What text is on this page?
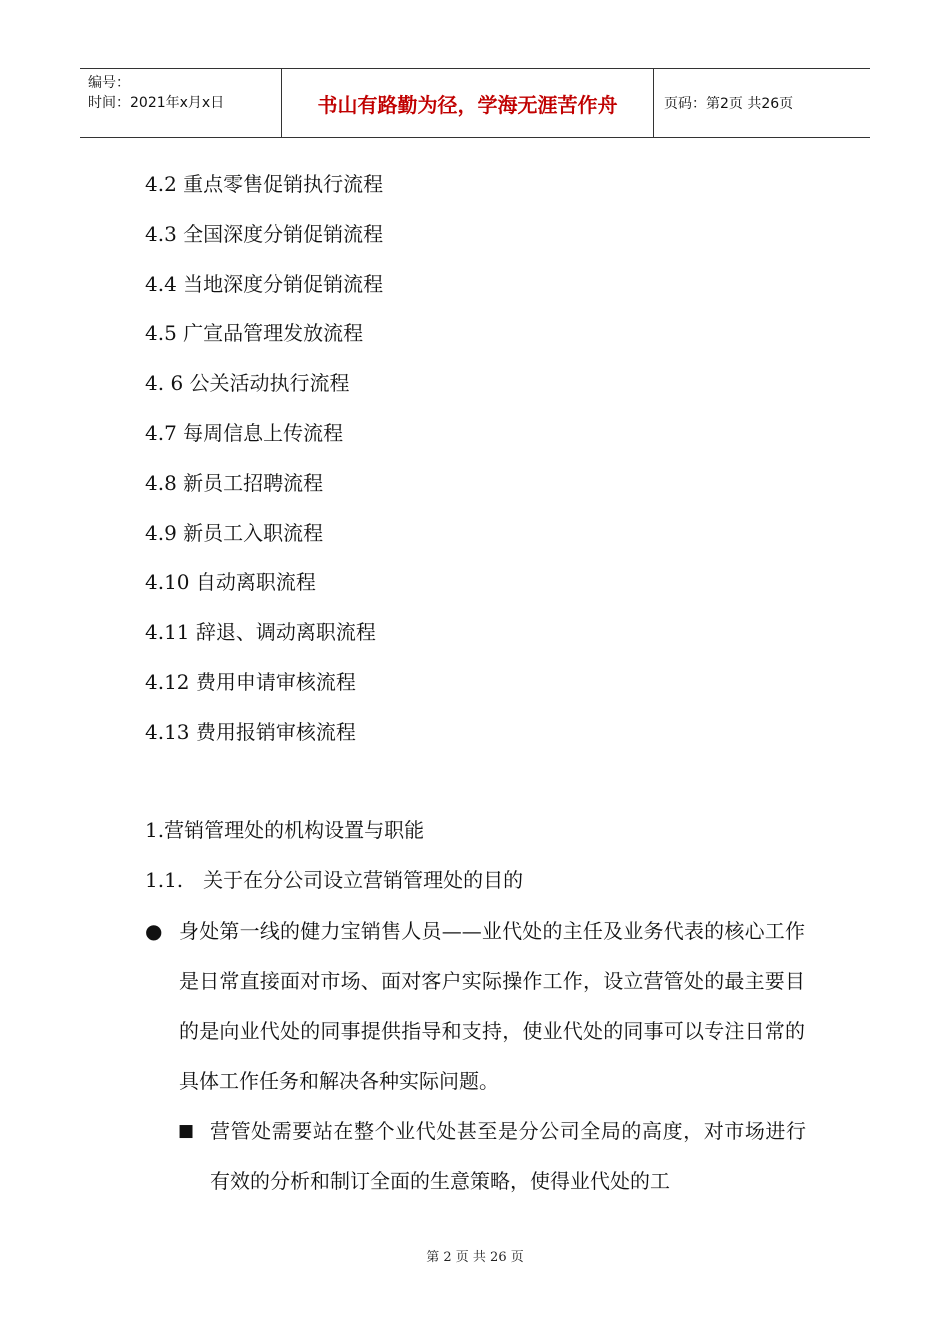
编号：
时间：2021年x月x日	书山有路勤为径，学海无涯苦作舟	页码：第2页 共26页
4.2 重点零售促销执行流程
4.3 全国深度分销促销流程
4.4 当地深度分销促销流程
4.5 广宣品管理发放流程
4. 6 公关活动执行流程
4.7 每周信息上传流程
4.8 新员工招聘流程
4.9 新员工入职流程
4.10 自动离职流程
4.11 辞退、调动离职流程
4.12 费用申请审核流程
4.13 费用报销审核流程
1.营销管理处的机构设置与职能
1.1.　关于在分公司设立营销管理处的目的
● 身处第一线的健力宝销售人员——业代处的主任及业务代表的核心工作是日常直接面对市场、面对客户实际操作工作，设立营管处的最主要目的是向业代处的同事提供指导和支持，使业代处的同事可以专注日常的具体工作任务和解决各种实际问题。
■ 营管处需要站在整个业代处甚至是分公司全局的高度，对市场进行有效的分析和制订全面的生意策略，使得业代处的工
第 2 页 共 26 页
